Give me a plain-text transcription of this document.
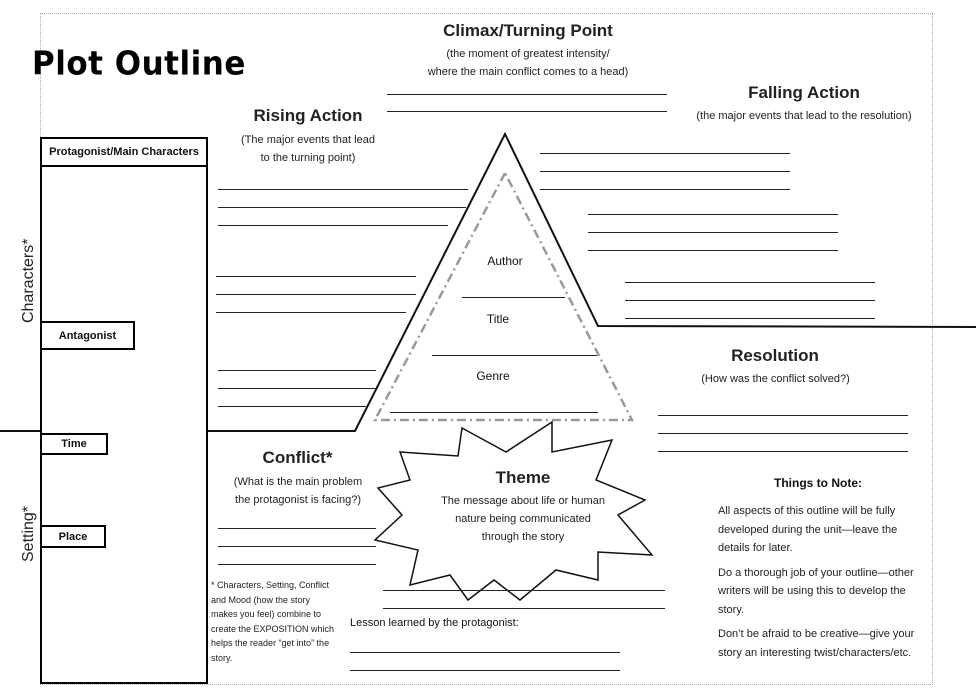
Plot Outline
Climax/Turning Point
(the moment of greatest intensity/
where the main conflict comes to a head)
Rising Action
(The major events that lead
to the turning point)
Falling Action
(the major events that lead to the resolution)
Author
Title
Genre
Resolution
(How was the conflict solved?)
Conflict*
(What is the main problem
the protagonist is facing?)
Theme
The message about life or human
nature being communicated
through the story
Lesson learned by the protagonist:
* Characters, Setting, Conflict
and Mood (how the story
makes you feel) combine to
create the EXPOSITION which
helps the reader “get into” the
story.
Things to Note:
All aspects of this outline will be fully
developed during the unit—leave the
details for later.
Do a thorough job of your outline—other
writers will be using this to develop the
story.
Don’t be afraid to be creative—give your
story an interesting twist/characters/etc.
Protagonist/Main Characters
Antagonist
Time
Place
Characters*
Setting*
